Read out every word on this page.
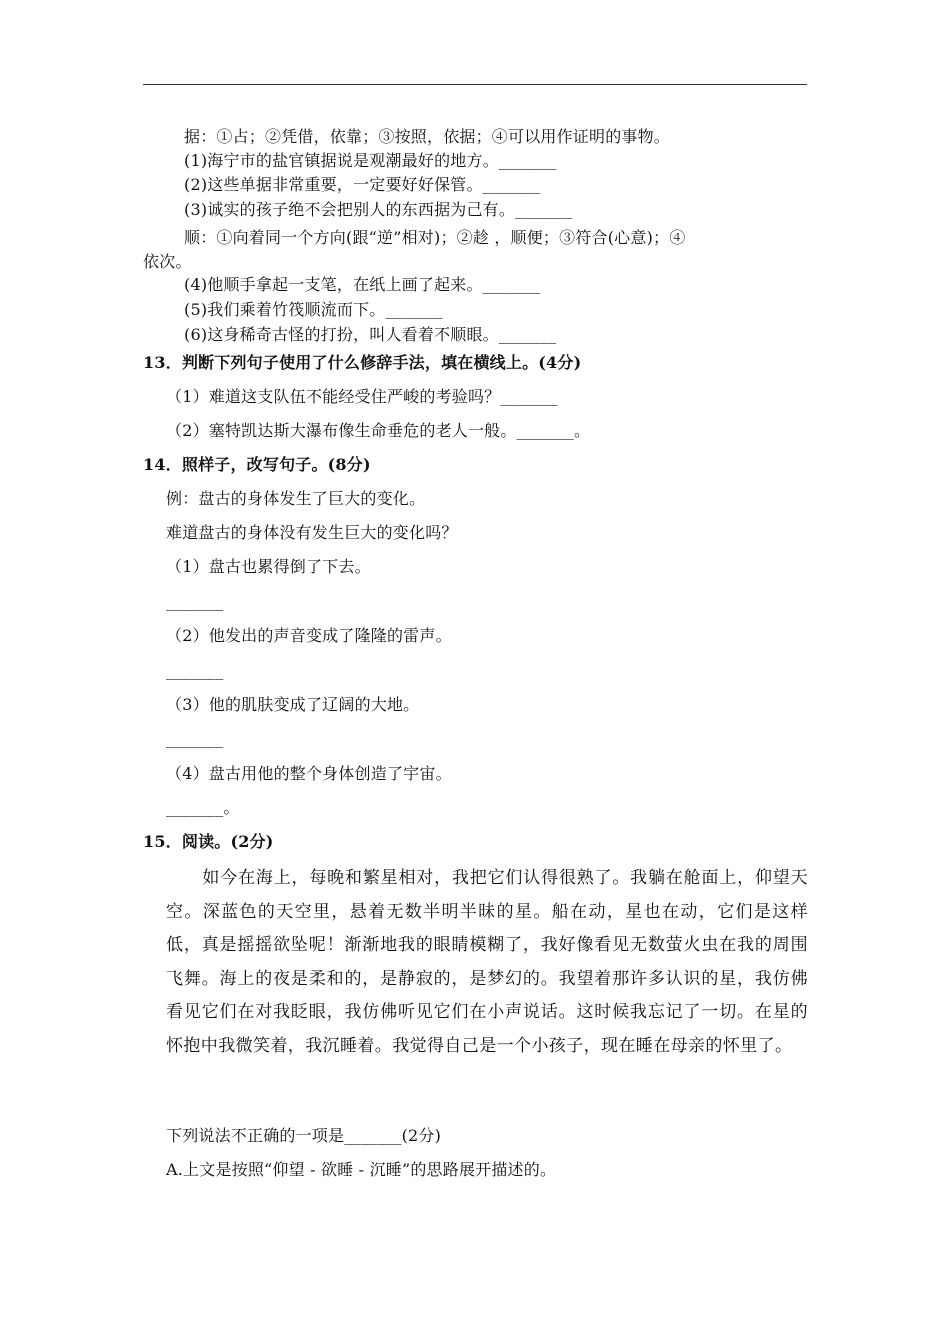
据：①占；②凭借，依靠；③按照，依据；④可以用作证明的事物。
(1)海宁市的盐官镇据说是观潮最好的地方。_______
(2)这些单据非常重要，一定要好好保管。_______
(3)诚实的孩子绝不会把别人的东西据为己有。_______
顺：①向着同一个方向(跟“逆”相对)；②趁 ，顺便；③符合(心意)；④
依次。
(4)他顺手拿起一支笔，在纸上画了起来。_______
(5)我们乘着竹筏顺流而下。_______
(6)这身稀奇古怪的打扮，叫人看着不顺眼。_______
13．判断下列句子使用了什么修辞手法，填在横线上。(4分)
（1）难道这支队伍不能经受住严峻的考验吗？_______
（2）塞特凯达斯大瀑布像生命垂危的老人一般。_______。
14．照样子，改写句子。(8分)
例：盘古的身体发生了巨大的变化。
难道盘古的身体没有发生巨大的变化吗？
（1）盘古也累得倒了下去。
_______
（2）他发出的声音变成了隆隆的雷声。
_______
（3）他的肌肤变成了辽阔的大地。
_______
（4）盘古用他的整个身体创造了宇宙。
_______。
15．阅读。(2分)
如今在海上，每晚和繁星相对，我把它们认得很熟了。我躺在舱面上，仰望天空。深蓝色的天空里，悬着无数半明半昧的星。船在动，星也在动，它们是这样低，真是摇摇欲坠呢！渐渐地我的眼睛模糊了，我好像看见无数萤火虫在我的周围飞舞。海上的夜是柔和的，是静寂的，是梦幻的。我望着那许多认识的星，我仿佛看见它们在对我眨眼，我仿佛听见它们在小声说话。这时候我忘记了一切。在星的怀抱中我微笑着，我沉睡着。我觉得自己是一个小孩子，现在睡在母亲的怀里了。
下列说法不正确的一项是_______(2分)
A.上文是按照“仰望 - 欲睡 - 沉睡”的思路展开描述的。
